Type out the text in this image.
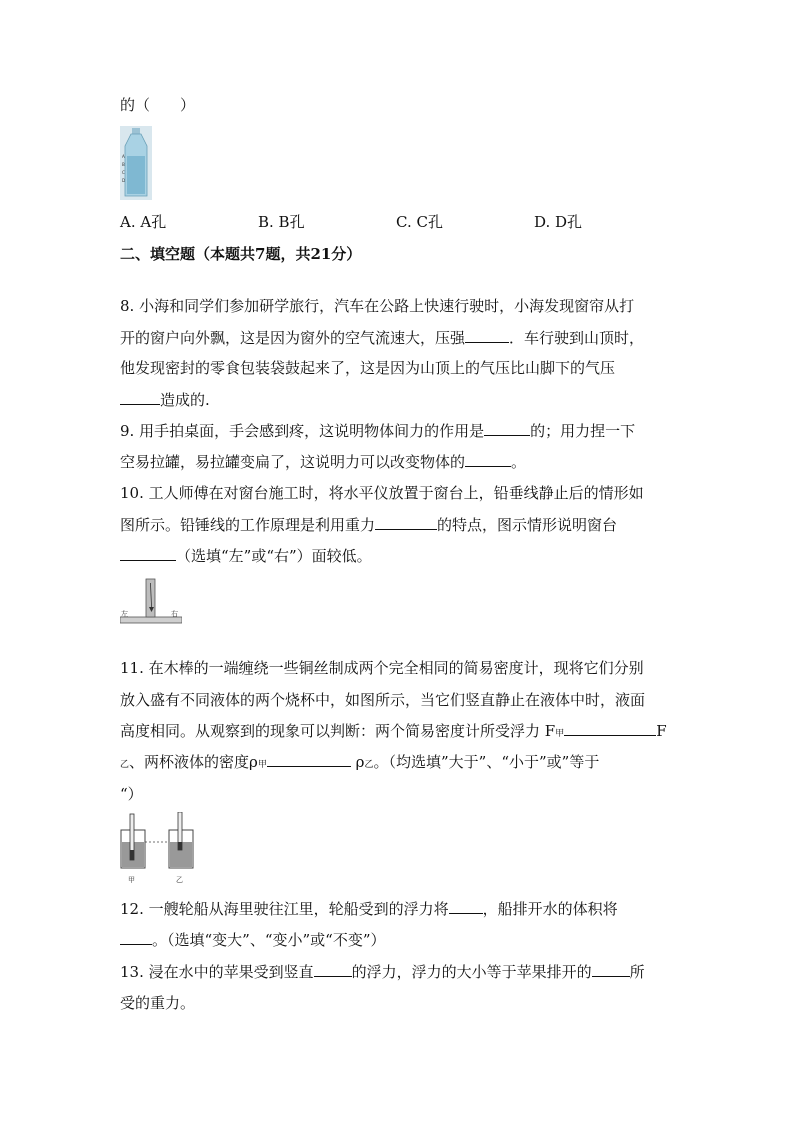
的（　　）
A
B
C
D
A. A孔	B. B孔	C. C孔	D. D孔
二、填空题（本题共7题，共21分）
8. 小海和同学们参加研学旅行，汽车在公路上快速行驶时，小海发现窗帘从打
开的窗户向外飘，这是因为窗外的空气流速大，压强	．车行驶到山顶时，
他发现密封的零食包装袋鼓起来了，这是因为山顶上的气压比山脚下的气压
造成的.
9. 用手拍桌面，手会感到疼，这说明物体间力的作用是	的；用力捏一下
空易拉罐，易拉罐变扁了，这说明力可以改变物体的	。
10. 工人师傅在对窗台施工时，将水平仪放置于窗台上，铅垂线静止后的情形如
图所示。铅锤线的工作原理是利用重力	的特点，图示情形说明窗台
（选填“左”或“右”）面较低。
左	右
11. 在木棒的一端缠绕一些铜丝制成两个完全相同的简易密度计，现将它们分别
放入盛有不同液体的两个烧杯中，如图所示，当它们竖直静止在液体中时，液面
高度相同。从观察到的现象可以判断：两个简易密度计所受浮力 F甲	F
乙、两杯液体的密度ρ甲	ρ乙。（均选填”大于”、“小于”或”等于
“）
甲	乙
12. 一艘轮船从海里驶往江里，轮船受到的浮力将 ，船排开水的体积将
。（选填“变大”、“变小”或“不变”）
13. 浸在水中的苹果受到竖直	的浮力，浮力的大小等于苹果排开的	所
受的重力。
